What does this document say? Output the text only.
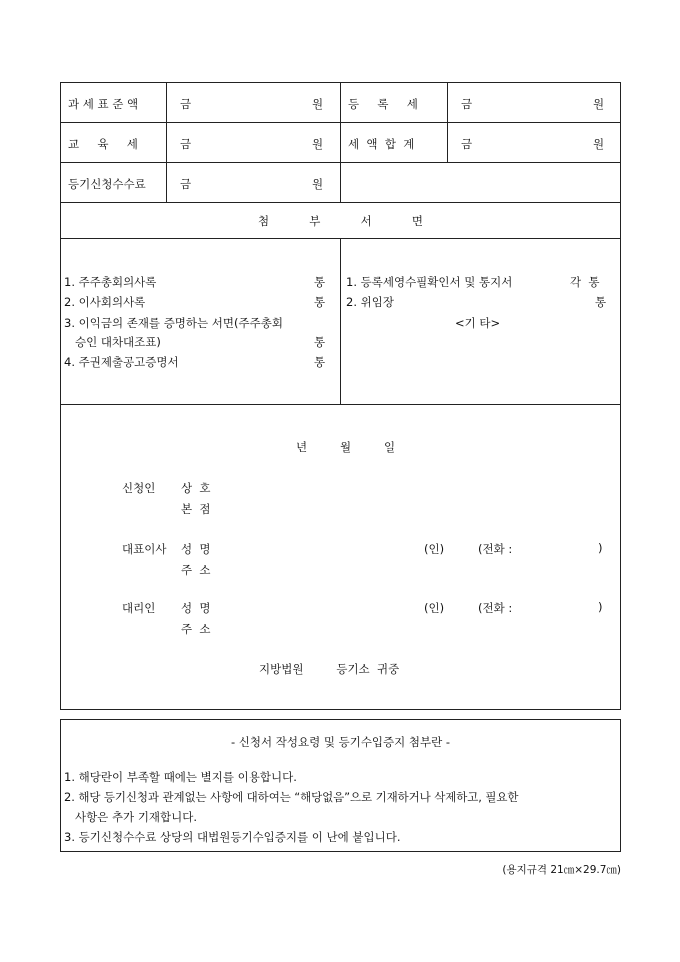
과 세 표 준 액	금	원 등     록     세	금	원
교     육     세	금	원 세  액  합  계	금	원
등기신청수수료	금	원
첨           부           서           면
1. 주주총회의사록	통
2. 이사회의사록	통
3. 이익금의 존재를 증명하는 서면(주주총회
승인 대차대조표)	통
4. 주권제출공고증명서	통
1. 등록세영수필확인서 및 통지서	각  통
2. 위임장	통
<기 타>
년         월         일
신청인 상  호
본  점
대표이사 성  명	(인)	(전화 :	)
주  소
대리인 성  명	(인)	(전화 :	)
주  소
지방법원         등기소  귀중
- 신청서 작성요령 및 등기수입증지 첨부란 -
1. 해당란이 부족할 때에는 별지를 이용합니다.
2. 해당 등기신청과 관계없는 사항에 대하여는 “해당없음”으로 기재하거나 삭제하고, 필요한
사항은 추가 기재합니다.
3. 등기신청수수료 상당의 대법원등기수입증지를 이 난에 붙입니다.
(용지규격 21㎝×29.7㎝)
